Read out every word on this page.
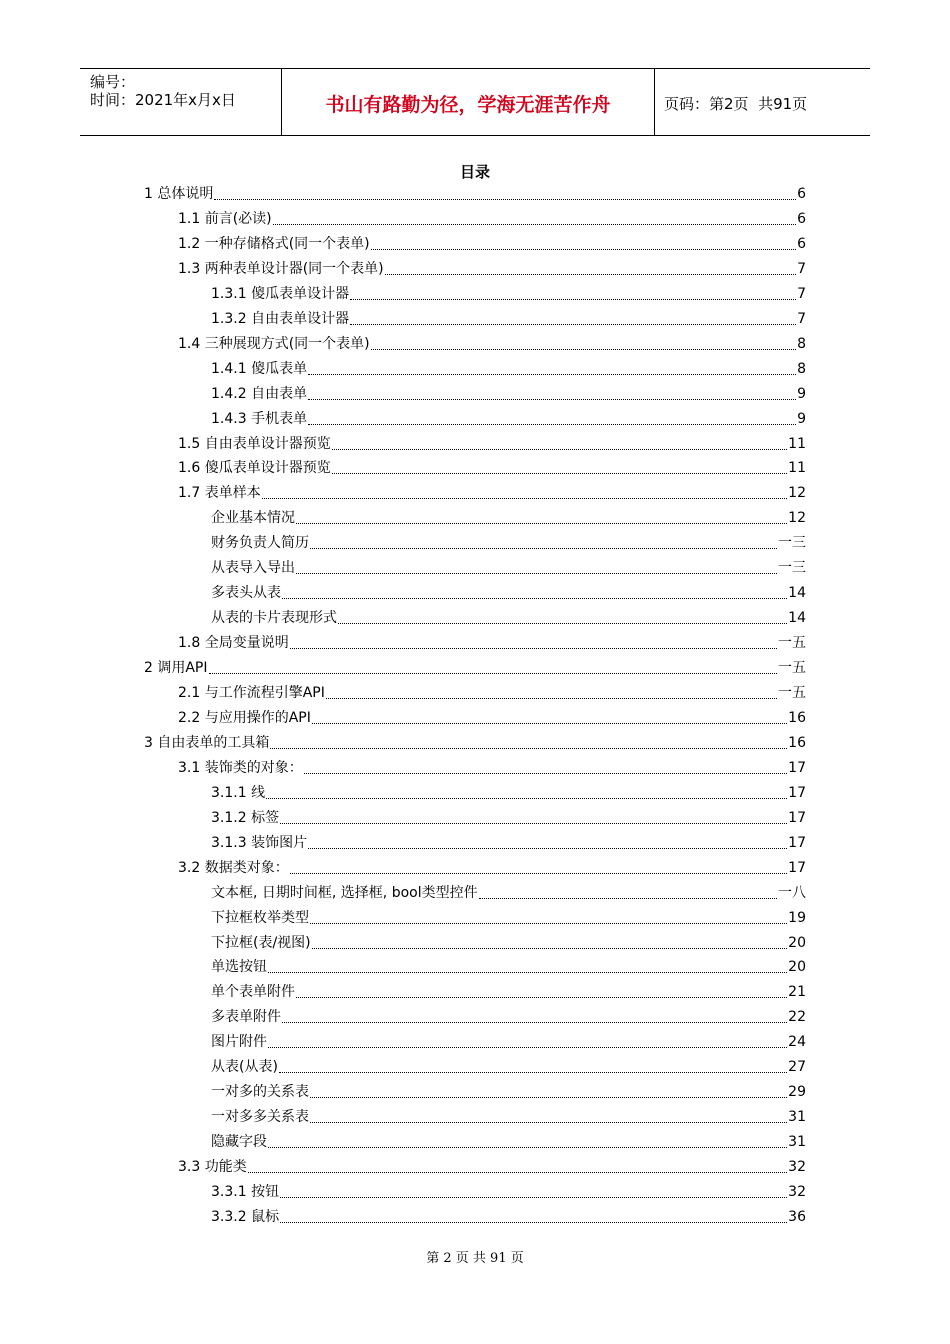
编号：
时间：2021年x月x日	书山有路勤为径，学海无涯苦作舟	页码：第2页  共91页
目录
1 总体说明	6
1.1 前言(必读)	6
1.2 一种存储格式(同一个表单)	6
1.3 两种表单设计器(同一个表单)	7
1.3.1 傻瓜表单设计器	7
1.3.2 自由表单设计器	7
1.4 三种展现方式(同一个表单)	8
1.4.1 傻瓜表单	8
1.4.2 自由表单	9
1.4.3 手机表单	9
1.5 自由表单设计器预览	11
1.6 傻瓜表单设计器预览	11
1.7 表单样本	12
企业基本情况	12
财务负责人简历	一三
从表导入导出	一三
多表头从表	14
从表的卡片表现形式	14
1.8 全局变量说明	一五
2 调用API	一五
2.1 与工作流程引擎API	一五
2.2 与应用操作的API	16
3 自由表单的工具箱	16
3.1 装饰类的对象：	17
3.1.1 线	17
3.1.2 标签	17
3.1.3 装饰图片	17
3.2 数据类对象：	17
文本框, 日期时间框, 选择框, bool类型控件	一八
下拉框枚举类型	19
下拉框(表/视图)	20
单选按钮	20
单个表单附件	21
多表单附件	22
图片附件	24
从表(从表)	27
一对多的关系表	29
一对多多关系表	31
隐藏字段	31
3.3 功能类	32
3.3.1 按钮	32
3.3.2 鼠标	36
第 2 页 共 91 页
